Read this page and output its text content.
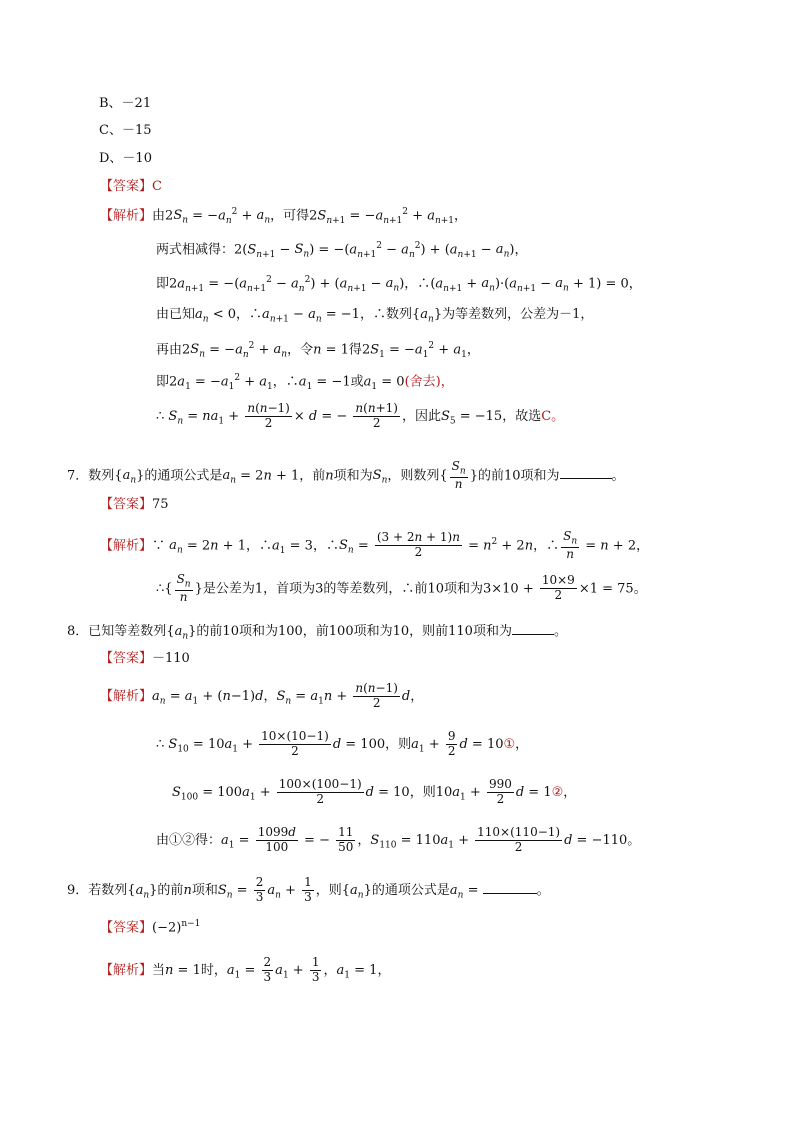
B、－21
C、－15
D、－10
【答案】C
【解析】由$2S_n = -a_n^2 + a_n$，可得$2S_{n+1} = -a_{n+1}^2 + a_{n+1}$，
两式相减得：$2(S_{n+1} - S_n) = -(a_{n+1}^2 - a_n^2) + (a_{n+1} - a_n)$，
即$2a_{n+1} = -(a_{n+1}^2 - a_n^2) + (a_{n+1} - a_n)$，$\therefore(a_{n+1} + a_n)\cdot(a_{n+1} - a_n + 1) = 0$，
由已知$a_n < 0$，$\therefore a_{n+1} - a_n = -1$，∴数列$\{a_n\}$为等差数列，公差为－1，
再由$2S_n = -a_n^2 + a_n$，令n = 1得$2S_1 = -a_1^2 + a_1$，
即$2a_1 = -a_1^2 + a_1$，$\therefore a_1 = -1$或$a_1 = 0$(舍去)，
∴ $S_n = na_1 + \frac{n(n-1)}{2} \times d$ = − $\frac{n(n+1)}{2}$ ，因此$S_5 = -15$，故选C。
7．数列$\{a_n\}$的通项公式是$a_n = 2n + 1$，前n项和为$S_n$，则数列{ $\frac{S_n}{n}$ }的前10项和为	。
【答案】75
【解析】∵ $a_n = 2n + 1$，$\therefore a_1 = 3$，$\therefore S_n = \frac{(3 + 2n + 1)n}{2} = n^2 + 2n$，∴ $\frac{S_n}{n} = n + 2$，
∴{ $\frac{S_n}{n}$ }是公差为1，首项为3的等差数列，∴前10项和为$3\times 10 + \frac{10\times 9}{2} \times 1 = 75$。
8．已知等差数列$\{a_n\}$的前10项和为100，前100项和为10，则前110项和为	。
【答案】－110
【解析】$a_n = a_1 + (n-1)d$，$S_n = a_1n + \frac{n(n-1)}{2}$ d，
∴ $S_{10} = 10a_1 + \frac{10\times(10-1)}{2}$ d = 100，则$a_1 + \frac{9}{2}$ d = 10①，
$S_{100} = 100a_1 + \frac{100\times(100-1)}{2}$ d = 10，则$10a_1 + \frac{990}{2}$ d = 1②，
由①②得：$a_1 = \frac{1099d}{100}$ = − $\frac{11}{50}$ ，$S_{110} = 110a_1 + \frac{110\times(110-1)}{2}$ d = −110。
9．若数列$\{a_n\}$的前n项和$S_n = \frac{2}{3} a_n + \frac{1}{3}$ ，则$\{a_n\}$的通项公式是$a_n$ =	。
【答案】$(-2)^{n-1}$
【解析】当n = 1时，$a_1 = \frac{2}{3} a_1 + \frac{1}{3}$ ，$a_1 = 1$，
